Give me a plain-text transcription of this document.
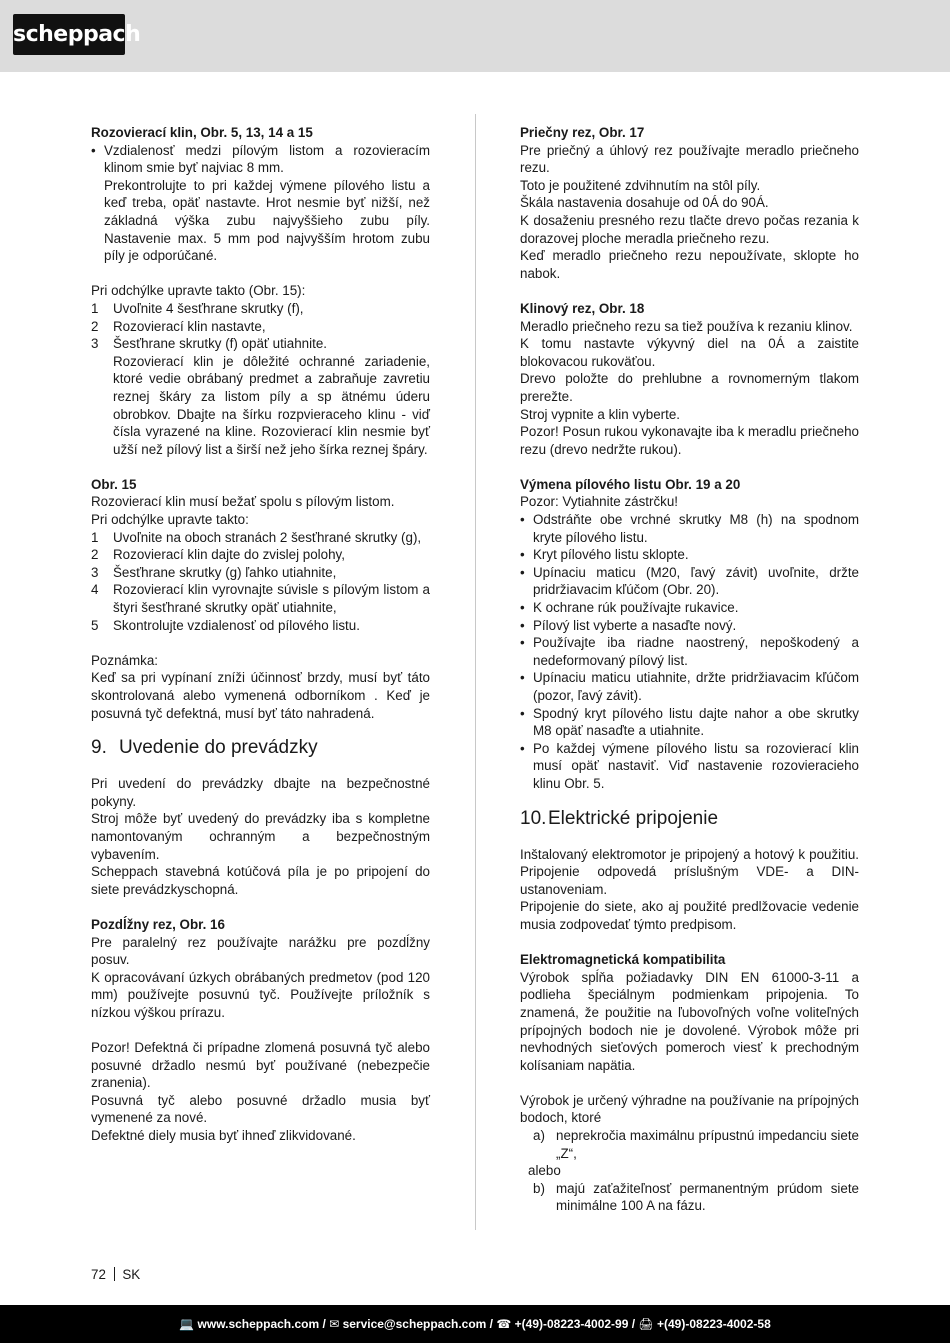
scheppach

Rozovierací klin, Obr. 5, 13, 14 a 15

• Vzdialenosť medzi pílovým listom a rozovieracím klinom smie byť najviac 8 mm.
Prekontrolujte to pri každej výmene pílového listu a keď treba, opäť nastavte. Hrot nesmie byť nižší, než základná výška zubu najvyššieho zubu píly. Nastavenie max. 5 mm pod najvyšším hrotom zubu píly je odporúčané.

Pri odchýlke upravte takto (Obr. 15):

1 Uvoľnite 4 šesťhrane skrutky (f),
2 Rozovierací klin nastavte,
3 Šesťhrane skrutky (f) opäť utiahnite.

Rozovierací klin je dôležité ochranné zariadenie, ktoré vedie obrábaný predmet a zabraňuje zavretiu reznej škáry za listom píly a sp ätnému úderu obrobkov. Dbajte na šírku rozpvieraceho klinu - viď čísla vyrazené na kline. Rozovierací klin nesmie byť užší než pílový list a širší než jeho šírka reznej špáry.

Obr. 15

Rozovierací klin musí bežať spolu s pílovým listom.

Pri odchýlke upravte takto:

1 Uvoľnite na oboch stranách 2 šesťhrané skrutky (g),
2 Rozovierací klin dajte do zvislej polohy,
3 Šesťhrane skrutky (g) ľahko utiahnite,
4 Rozovierací klin vyrovnajte súvisle s pílovým listom a štyri šesťhrané skrutky opäť utiahnite,
5 Skontrolujte vzdialenosť od pílového listu.

Poznámka:

Keď sa pri vypínaní zníži účinnosť brzdy, musí byť táto skontrolovaná alebo vymenená odborníkom . Keď je posuvná tyč defektná, musí byť táto nahradená.

9. Uvedenie do prevádzky

Pri uvedení do prevádzky dbajte na bezpečnostné pokyny.

Stroj môže byť uvedený do prevádzky iba s kompletne namontovaným ochranným a bezpečnostným vybavením.

Scheppach stavebná kotúčová píla je po pripojení do siete prevádzkyschopná.

Pozdĺžny rez, Obr. 16

Pre paralelný rez používajte narážku pre pozdĺžny posuv.

K opracovávaní úzkych obrábaných predmetov (pod 120 mm) používejte posuvnú tyč. Používejte príložník s nízkou výškou prírazu.

Pozor! Defektná či prípadne zlomená posuvná tyč alebo posuvné držadlo nesmú byť používané (nebezpečie zranenia).

Posuvná tyč alebo posuvné držadlo musia byť vymenené za nové.

Defektné diely musia byť ihneď zlikvidované.

Priečny rez, Obr. 17

Pre priečný a úhlový rez používajte meradlo priečneho rezu.

Toto je použitené zdvihnutím na stôl píly.

Škála nastavenia dosahuje od 0Á do 90Á.

K dosaženiu presného rezu tlačte drevo počas rezania k dorazovej ploche meradla priečneho rezu.

Keď meradlo priečneho rezu nepoužívate, sklopte ho nabok.

Klinový rez, Obr. 18

Meradlo priečneho rezu sa tiež používa k rezaniu klinov.

K tomu nastavte výkyvný diel na 0Á a zaistite blokovacou rukoväťou.

Drevo položte do prehlubne a rovnomerným tlakom prerežte.

Stroj vypnite a klin vyberte.

Pozor! Posun rukou vykonavajte iba k meradlu priečneho rezu (drevo nedržte rukou).

Výmena pílového listu Obr. 19 a 20

Pozor: Vytiahnite zástrčku!

• Odstráňte obe vrchné skrutky M8 (h) na spodnom kryte pílového listu.
• Kryt pílového listu sklopte.
• Upínaciu maticu (M20, ľavý závit) uvoľnite, držte pridržiavacim kľúčom (Obr. 20).
• K ochrane rúk používajte rukavice.
• Pílový list vyberte a nasaďte nový.
• Používajte iba riadne naostrený, nepoškodený a nedeformovaný pílový list.
• Upínaciu maticu utiahnite, držte pridržiavacim kľúčom (pozor, ľavý závit).
• Spodný kryt pílového listu dajte nahor a obe skrutky M8 opäť nasaďte a utiahnite.
• Po každej výmene pílového listu sa rozovierací klin musí opäť nastaviť. Viď nastavenie rozovieracieho klinu Obr. 5.

10.Elektrické pripojenie

Inštalovaný elektromotor je pripojený a hotový k použitiu. Pripojenie odpovedá príslušným VDE- a DIN-ustanoveniam.

Pripojenie do siete, ako aj použité predlžovacie vedenie musia zodpovedať týmto predpisom.

Elektromagnetická kompatibilita

Výrobok spĺňa požiadavky DIN EN 61000-3-11 a podlieha špeciálnym podmienkam pripojenia. To znamená, že použitie na ľubovoľných voľne voliteľných prípojných bodoch nie je dovolené. Výrobok môže pri nevhodných sieťových pomeroch viesť k prechodným kolísaniam napätia.

Výrobok je určený výhradne na používanie na prípojných bodoch, ktoré

a) neprekročia maximálnu prípustnú impedanciu siete „Z“,

alebo

b) majú zaťažiteľnosť permanentným prúdom siete minimálne 100 A na fázu.
72 SK
💻 www.scheppach.com / ✉ service@scheppach.com / ☎ +(49)-08223-4002-99 / 🖨 +(49)-08223-4002-58
